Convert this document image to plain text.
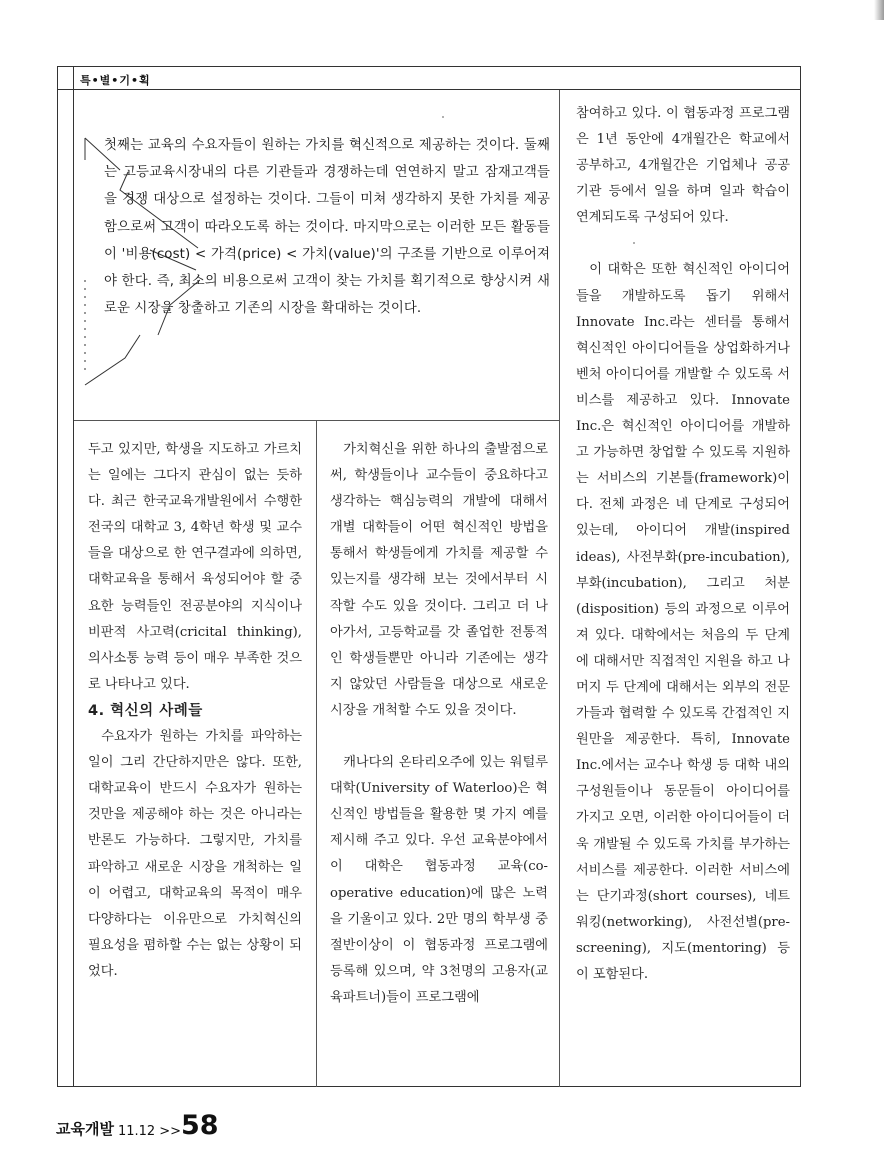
특•별•기•획
첫째는 교육의 수요자들이 원하는 가치를 혁신적으로 제공하는 것이다. 둘째는 고등교육시장내의 다른 기관들과 경쟁하는데 연연하지 말고 잠재고객들을 경쟁 대상으로 설정하는 것이다. 그들이 미쳐 생각하지 못한 가치를 제공함으로써 고객이 따라오도록 하는 것이다. 마지막으로는 이러한 모든 활동들이 '비용(cost) < 가격(price) < 가치(value)'의 구조를 기반으로 이루어져야 한다. 즉, 최소의 비용으로써 고객이 찾는 가치를 획기적으로 향상시켜 새로운 시장을 창출하고 기존의 시장을 확대하는 것이다.

두고 있지만, 학생을 지도하고 가르치는 일에는 그다지 관심이 없는 듯하다. 최근 한국교육개발원에서 수행한 전국의 대학교 3, 4학년 학생 및 교수들을 대상으로 한 연구결과에 의하면, 대학교육을 통해서 육성되어야 할 중요한 능력들인 전공분야의 지식이나 비판적 사고력(cricital thinking), 의사소통 능력 등이 매우 부족한 것으로 나타나고 있다.

4. 혁신의 사례들

수요자가 원하는 가치를 파악하는 일이 그리 간단하지만은 않다. 또한, 대학교육이 반드시 수요자가 원하는 것만을 제공해야 하는 것은 아니라는 반론도 가능하다. 그렇지만, 가치를 파악하고 새로운 시장을 개척하는 일이 어렵고, 대학교육의 목적이 매우 다양하다는 이유만으로 가치혁신의 필요성을 폄하할 수는 없는 상황이 되었다.

가치혁신을 위한 하나의 출발점으로써, 학생들이나 교수들이 중요하다고 생각하는 핵심능력의 개발에 대해서 개별 대학들이 어떤 혁신적인 방법을 통해서 학생들에게 가치를 제공할 수 있는지를 생각해 보는 것에서부터 시작할 수도 있을 것이다. 그리고 더 나아가서, 고등학교를 갓 졸업한 전통적인 학생들뿐만 아니라 기존에는 생각지 않았던 사람들을 대상으로 새로운 시장을 개척할 수도 있을 것이다.

캐나다의 온타리오주에 있는 워털루 대학(University of Waterloo)은 혁신적인 방법들을 활용한 몇 가지 예를 제시해 주고 있다. 우선 교육분야에서 이 대학은 협동과정 교육(co-operative education)에 많은 노력을 기울이고 있다. 2만 명의 학부생 중 절반이상이 이 협동과정 프로그램에 등록해 있으며, 약 3천명의 고용자(교육파트너)들이 프로그램에

참여하고 있다. 이 협동과정 프로그램은 1년 동안에 4개월간은 학교에서 공부하고, 4개월간은 기업체나 공공기관 등에서 일을 하며 일과 학습이 연계되도록 구성되어 있다.

이 대학은 또한 혁신적인 아이디어들을 개발하도록 돕기 위해서 Innovate Inc.라는 센터를 통해서 혁신적인 아이디어들을 상업화하거나 벤처 아이디어를 개발할 수 있도록 서비스를 제공하고 있다. Innovate Inc.은 혁신적인 아이디어를 개발하고 가능하면 창업할 수 있도록 지원하는 서비스의 기본틀(framework)이다. 전체 과정은 네 단계로 구성되어있는데, 아이디어 개발(inspired ideas), 사전부화(pre-incubation), 부화(incubation), 그리고 처분(disposition) 등의 과정으로 이루어져 있다. 대학에서는 처음의 두 단계에 대해서만 직접적인 지원을 하고 나머지 두 단계에 대해서는 외부의 전문가들과 협력할 수 있도록 간접적인 지원만을 제공한다. 특히, Innovate Inc.에서는 교수나 학생 등 대학 내의 구성원들이나 동문들이 아이디어를 가지고 오면, 이러한 아이디어들이 더욱 개발될 수 있도록 가치를 부가하는 서비스를 제공한다. 이러한 서비스에는 단기과정(short courses), 네트워킹(networking), 사전선별(pre-screening), 지도(mentoring) 등이 포함된다.

교육개발 11.12 >>58
